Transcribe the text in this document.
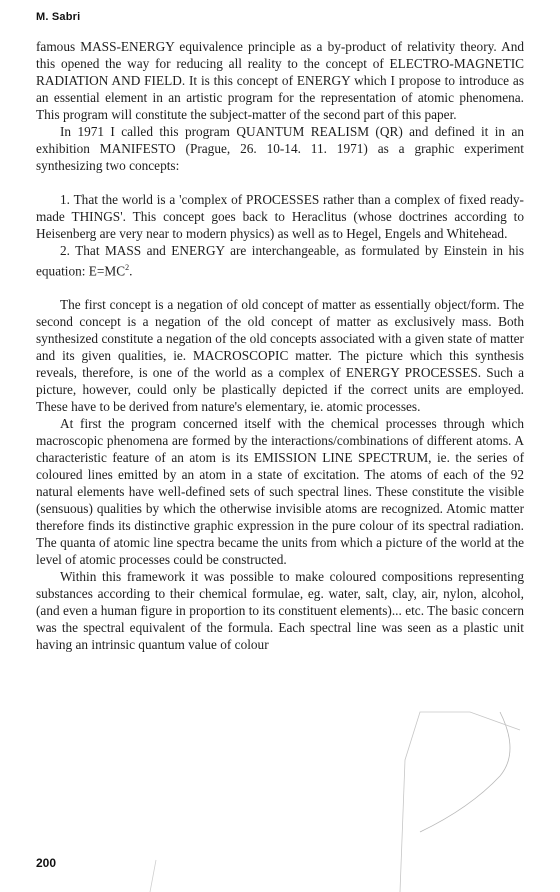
M. Sabri

famous MASS-ENERGY equivalence principle as a by-product of relativity theory. And this opened the way for reducing all reality to the concept of ELECTRO-MAGNETIC RADIATION AND FIELD. It is this concept of ENERGY which I propose to introduce as an essential element in an artistic program for the representation of atomic phenomena. This program will constitute the subject-matter of the second part of this paper.

In 1971 I called this program QUANTUM REALISM (QR) and defined it in an exhibition MANIFESTO (Prague, 26. 10-14. 11. 1971) as a graphic experiment synthesizing two concepts:

1. That the world is a 'complex of PROCESSES rather than a complex of fixed ready-made THINGS'. This concept goes back to Heraclitus (whose doctrines according to Heisenberg are very near to modern physics) as well as to Hegel, Engels and Whitehead.

2. That MASS and ENERGY are interchangeable, as formulated by Einstein in his equation: $E=MC^2$.

The first concept is a negation of old concept of matter as essentially object/form. The second concept is a negation of the old concept of matter as exclusively mass. Both synthesized constitute a negation of the old concepts associated with a given state of matter and its given qualities, ie. MACROSCOPIC matter. The picture which this synthesis reveals, therefore, is one of the world as a complex of ENERGY PROCESSES. Such a picture, however, could only be plastically depicted if the correct units are employed. These have to be derived from nature's elementary, ie. atomic processes.

At first the program concerned itself with the chemical processes through which macroscopic phenomena are formed by the interactions/combinations of different atoms. A characteristic feature of an atom is its EMISSION LINE SPECTRUM, ie. the series of coloured lines emitted by an atom in a state of excitation. The atoms of each of the 92 natural elements have well-defined sets of such spectral lines. These constitute the visible (sensuous) qualities by which the otherwise invisible atoms are recognized. Atomic matter therefore finds its distinctive graphic expression in the pure colour of its spectral radiation. The quanta of atomic line spectra became the units from which a picture of the world at the level of atomic processes could be constructed.

Within this framework it was possible to make coloured compositions representing substances according to their chemical formulae, eg. water, salt, clay, air, nylon, alcohol, (and even a human figure in proportion to its constituent elements)... etc. The basic concern was the spectral equivalent of the formula. Each spectral line was seen as a plastic unit having an intrinsic quantum value of colour

200
